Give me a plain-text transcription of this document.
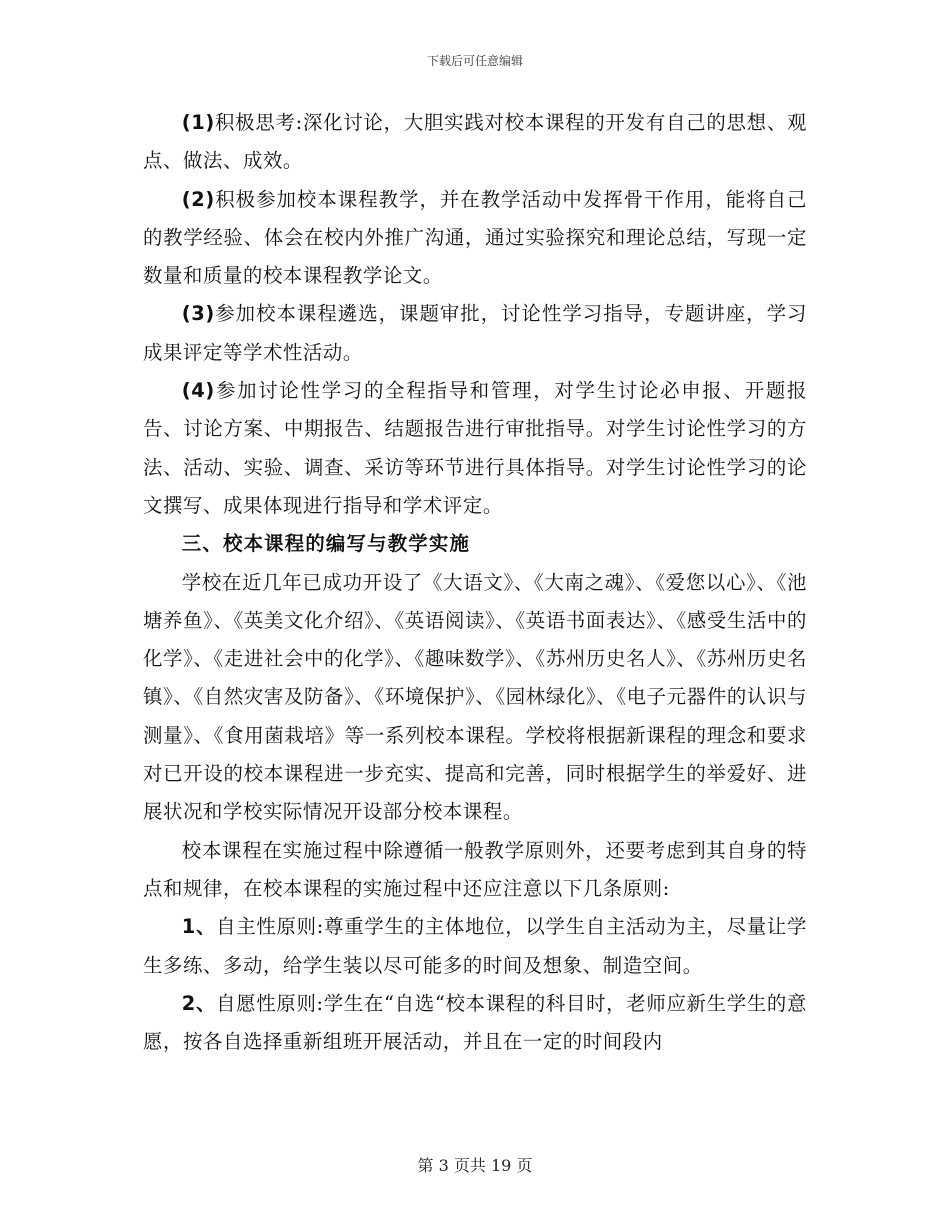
下载后可任意编辑

(1)积极思考:深化讨论，大胆实践对校本课程的开发有自己的思想、观点、做法、成效。

(2)积极参加校本课程教学，并在教学活动中发挥骨干作用，能将自己的教学经验、体会在校内外推广沟通，通过实验探究和理论总结，写现一定数量和质量的校本课程教学论文。

(3)参加校本课程遴选，课题审批，讨论性学习指导，专题讲座，学习成果评定等学术性活动。

(4)参加讨论性学习的全程指导和管理，对学生讨论必申报、开题报告、讨论方案、中期报告、结题报告进行审批指导。对学生讨论性学习的方法、活动、实验、调查、采访等环节进行具体指导。对学生讨论性学习的论文撰写、成果体现进行指导和学术评定。

三、校本课程的编写与教学实施

学校在近几年已成功开设了《大语文》、《大南之魂》、《爱您以心》、《池塘养鱼》、《英美文化介绍》、《英语阅读》、《英语书面表达》、《感受生活中的化学》、《走进社会中的化学》、《趣味数学》、《苏州历史名人》、《苏州历史名镇》、《自然灾害及防备》、《环境保护》、《园林绿化》、《电子元器件的认识与测量》、《食用菌栽培》等一系列校本课程。学校将根据新课程的理念和要求对已开设的校本课程进一步充实、提高和完善，同时根据学生的举爱好、进展状况和学校实际情况开设部分校本课程。

校本课程在实施过程中除遵循一般教学原则外，还要考虑到其自身的特点和规律，在校本课程的实施过程中还应注意以下几条原则:

1、自主性原则:尊重学生的主体地位，以学生自主活动为主，尽量让学生多练、多动，给学生装以尽可能多的时间及想象、制造空间。

2、自愿性原则:学生在“自选“校本课程的科目时，老师应新生学生的意愿，按各自选择重新组班开展活动，并且在一定的时间段内

第 3 页共 19 页
